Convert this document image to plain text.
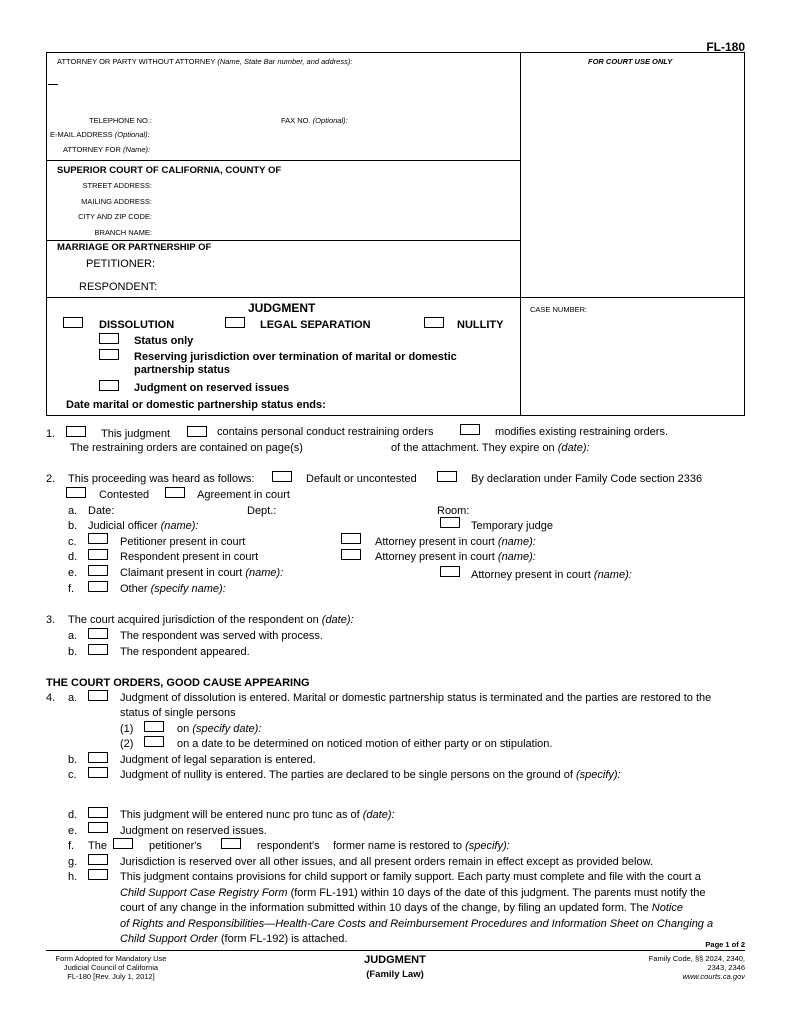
FL-180
ATTORNEY OR PARTY WITHOUT ATTORNEY (Name, State Bar number, and address):	FOR COURT USE ONLY
TELEPHONE NO.:	FAX NO. (Optional):
E-MAIL ADDRESS (Optional):
ATTORNEY FOR (Name):
SUPERIOR COURT OF CALIFORNIA, COUNTY OF
STREET ADDRESS:
MAILING ADDRESS:
CITY AND ZIP CODE:
BRANCH NAME:
MARRIAGE OR PARTNERSHIP OF
PETITIONER:
RESPONDENT:
JUDGMENT	CASE NUMBER:
DISSOLUTION	LEGAL SEPARATION	NULLITY
Status only
Reserving jurisdiction over termination of marital or domestic
partnership status
Judgment on reserved issues
Date marital or domestic partnership status ends:
1.	This judgment	contains personal conduct restraining orders	modifies existing restraining orders.
The restraining orders are contained on page(s)	of the attachment. They expire on (date):
2. This proceeding was heard as follows:	Default or uncontested	By declaration under Family Code section 2336
Contested	Agreement in court
a. Date:	Dept.:	Room:
b. Judicial officer (name):	Temporary judge
c.	Petitioner present in court	Attorney present in court (name):
d.	Respondent present in court	Attorney present in court (name):
e.	Claimant present in court (name):	Attorney present in court (name):
f.	Other (specify name):
3. The court acquired jurisdiction of the respondent on (date):
a.	The respondent was served with process.
b.	The respondent appeared.
THE COURT ORDERS, GOOD CAUSE APPEARING
4. a.	Judgment of dissolution is entered. Marital or domestic partnership status is terminated and the parties are restored to the
status of single persons
(1)	on (specify date):
(2)	on a date to be determined on noticed motion of either party or on stipulation.
b.	Judgment of legal separation is entered.
c.	Judgment of nullity is entered. The parties are declared to be single persons on the ground of (specify):
d.	This judgment will be entered nunc pro tunc as of (date):
e.	Judgment on reserved issues.
f. The	petitioner's	respondent's former name is restored to (specify):
g.	Jurisdiction is reserved over all other issues, and all present orders remain in effect except as provided below.
h.	This judgment contains provisions for child support or family support. Each party must complete and file with the court a
Child Support Case Registry Form (form FL-191) within 10 days of the date of this judgment. The parents must notify the
court of any change in the information submitted within 10 days of the change, by filing an updated form. The Notice
of Rights and Responsibilities—Health-Care Costs and Reimbursement Procedures and Information Sheet on Changing a
Child Support Order (form FL-192) is attached.	Page 1 of 2
Form Adopted for Mandatory Use
Judicial Council of California
FL-180 [Rev. July 1, 2012]
JUDGMENT
(Family Law)
Family Code, §§ 2024, 2340,
2343, 2346
www.courts.ca.gov
